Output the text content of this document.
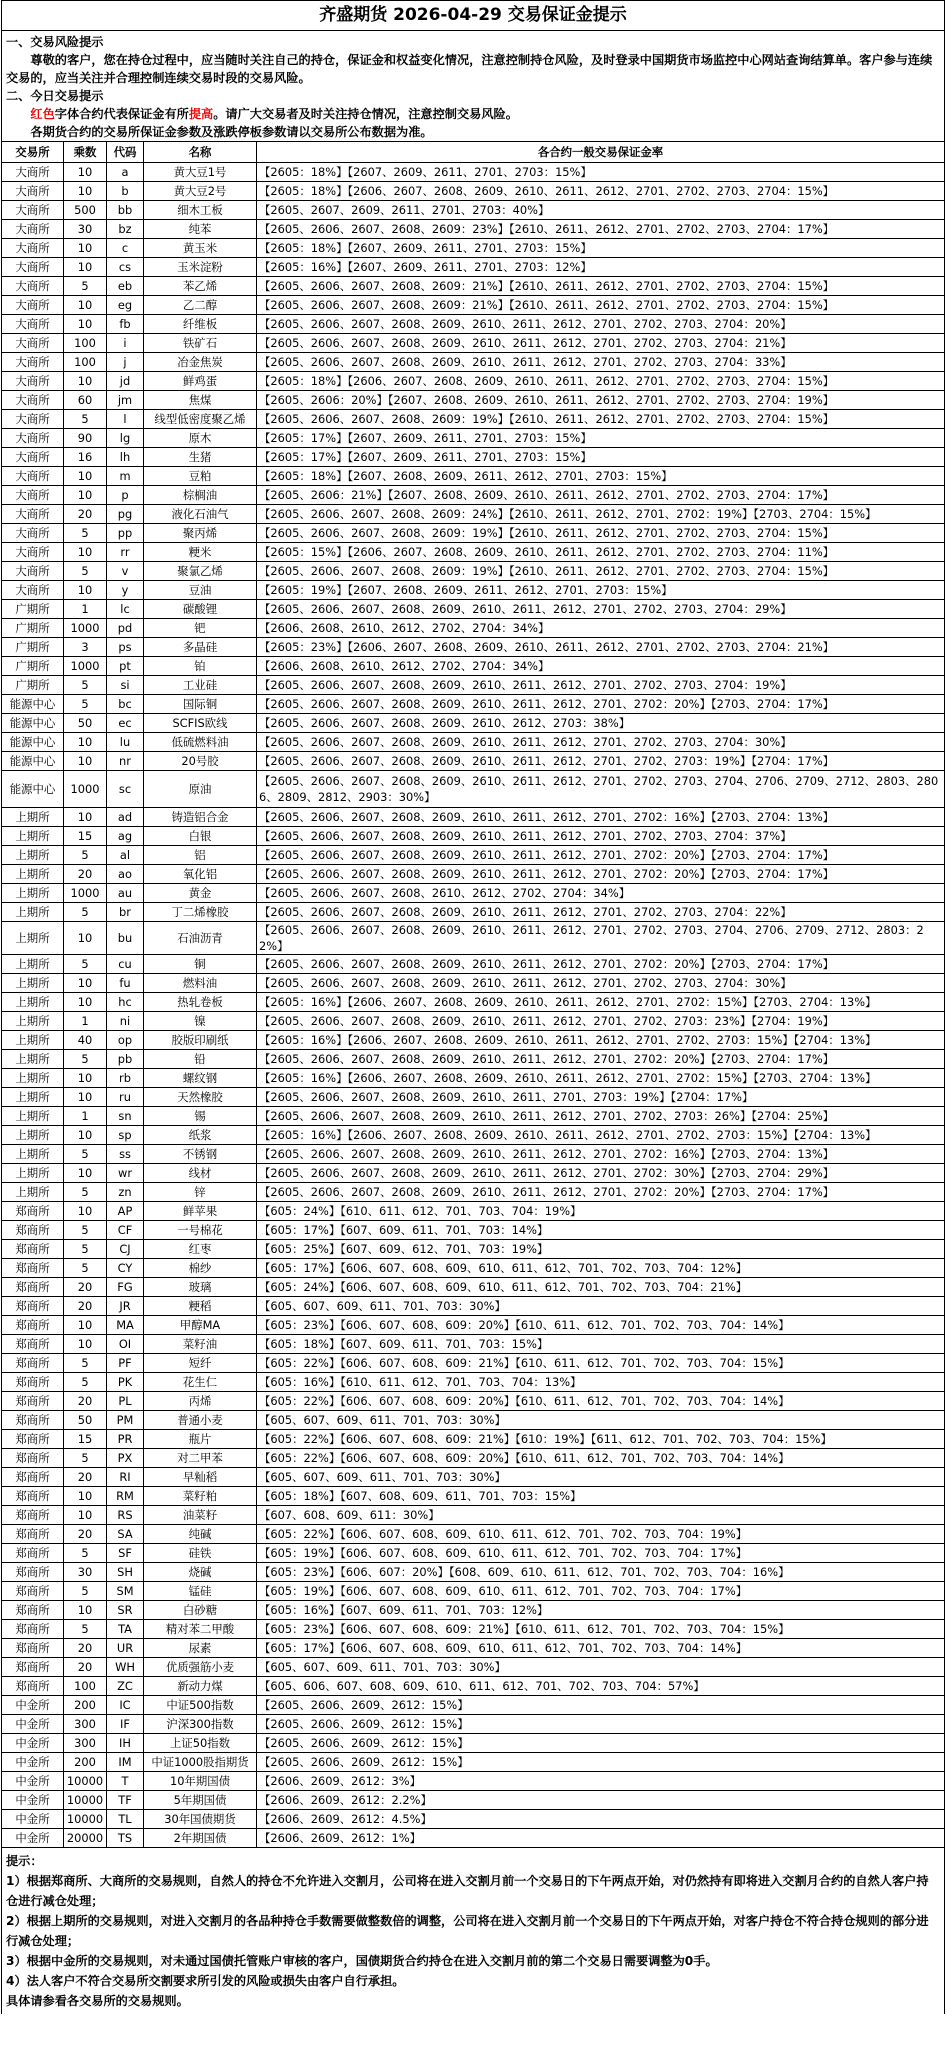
齐盛期货 2026-04-29 交易保证金提示
一、交易风险提示
尊敬的客户，您在持仓过程中，应当随时关注自己的持仓，保证金和权益变化情况，注意控制持仓风险，及时登录中国期货市场监控中心网站查询结算单。客户参与连续交易的，应当关注并合理控制连续交易时段的交易风险。
二、今日交易提示
红色字体合约代表保证金有所提高。请广大交易者及时关注持仓情况，注意控制交易风险。
各期货合约的交易所保证金参数及涨跌停板参数请以交易所公布数据为准。
交易所	乘数	代码	名称	各合约一般交易保证金率
大商所	10	a	黄大豆1号	【2605：18%】【2607、2609、2611、2701、2703：15%】
大商所	10	b	黄大豆2号	【2605：18%】【2606、2607、2608、2609、2610、2611、2612、2701、2702、2703、2704：15%】
大商所	500	bb	细木工板	【2605、2607、2609、2611、2701、2703：40%】
大商所	30	bz	纯苯	【2605、2606、2607、2608、2609：23%】【2610、2611、2612、2701、2702、2703、2704：17%】
大商所	10	c	黄玉米	【2605：18%】【2607、2609、2611、2701、2703：15%】
大商所	10	cs	玉米淀粉	【2605：16%】【2607、2609、2611、2701、2703：12%】
大商所	5	eb	苯乙烯	【2605、2606、2607、2608、2609：21%】【2610、2611、2612、2701、2702、2703、2704：15%】
大商所	10	eg	乙二醇	【2605、2606、2607、2608、2609：21%】【2610、2611、2612、2701、2702、2703、2704：15%】
大商所	10	fb	纤维板	【2605、2606、2607、2608、2609、2610、2611、2612、2701、2702、2703、2704：20%】
大商所	100	i	铁矿石	【2605、2606、2607、2608、2609、2610、2611、2612、2701、2702、2703、2704：21%】
大商所	100	j	冶金焦炭	【2605、2606、2607、2608、2609、2610、2611、2612、2701、2702、2703、2704：33%】
大商所	10	jd	鲜鸡蛋	【2605：18%】【2606、2607、2608、2609、2610、2611、2612、2701、2702、2703、2704：15%】
大商所	60	jm	焦煤	【2605、2606：20%】【2607、2608、2609、2610、2611、2612、2701、2702、2703、2704：19%】
大商所	5	l	线型低密度聚乙烯	【2605、2606、2607、2608、2609：19%】【2610、2611、2612、2701、2702、2703、2704：15%】
大商所	90	lg	原木	【2605：17%】【2607、2609、2611、2701、2703：15%】
大商所	16	lh	生猪	【2605：17%】【2607、2609、2611、2701、2703：15%】
大商所	10	m	豆粕	【2605：18%】【2607、2608、2609、2611、2612、2701、2703：15%】
大商所	10	p	棕榈油	【2605、2606：21%】【2607、2608、2609、2610、2611、2612、2701、2702、2703、2704：17%】
大商所	20	pg	液化石油气	【2605、2606、2607、2608、2609：24%】【2610、2611、2612、2701、2702：19%】【2703、2704：15%】
大商所	5	pp	聚丙烯	【2605、2606、2607、2608、2609：19%】【2610、2611、2612、2701、2702、2703、2704：15%】
大商所	10	rr	粳米	【2605：15%】【2606、2607、2608、2609、2610、2611、2612、2701、2702、2703、2704：11%】
大商所	5	v	聚氯乙烯	【2605、2606、2607、2608、2609：19%】【2610、2611、2612、2701、2702、2703、2704：15%】
大商所	10	y	豆油	【2605：19%】【2607、2608、2609、2611、2612、2701、2703：15%】
广期所	1	lc	碳酸锂	【2605、2606、2607、2608、2609、2610、2611、2612、2701、2702、2703、2704：29%】
广期所	1000	pd	钯	【2606、2608、2610、2612、2702、2704：34%】
广期所	3	ps	多晶硅	【2605：23%】【2606、2607、2608、2609、2610、2611、2612、2701、2702、2703、2704：21%】
广期所	1000	pt	铂	【2606、2608、2610、2612、2702、2704：34%】
广期所	5	si	工业硅	【2605、2606、2607、2608、2609、2610、2611、2612、2701、2702、2703、2704：19%】
能源中心	5	bc	国际铜	【2605、2606、2607、2608、2609、2610、2611、2612、2701、2702：20%】【2703、2704：17%】
能源中心	50	ec	SCFIS欧线	【2605、2606、2607、2608、2609、2610、2612、2703：38%】
能源中心	10	lu	低硫燃料油	【2605、2606、2607、2608、2609、2610、2611、2612、2701、2702、2703、2704：30%】
能源中心	10	nr	20号胶	【2605、2606、2607、2608、2609、2610、2611、2612、2701、2702、2703：19%】【2704：17%】
能源中心	1000	sc	原油	【2605、2606、2607、2608、2609、2610、2611、2612、2701、2702、2703、2704、2706、2709、2712、2803、2806、2809、2812、2903：30%】
上期所	10	ad	铸造铝合金	【2605、2606、2607、2608、2609、2610、2611、2612、2701、2702：16%】【2703、2704：13%】
上期所	15	ag	白银	【2605、2606、2607、2608、2609、2610、2611、2612、2701、2702、2703、2704：37%】
上期所	5	al	铝	【2605、2606、2607、2608、2609、2610、2611、2612、2701、2702：20%】【2703、2704：17%】
上期所	20	ao	氧化铝	【2605、2606、2607、2608、2609、2610、2611、2612、2701、2702：20%】【2703、2704：17%】
上期所	1000	au	黄金	【2605、2606、2607、2608、2610、2612、2702、2704：34%】
上期所	5	br	丁二烯橡胶	【2605、2606、2607、2608、2609、2610、2611、2612、2701、2702、2703、2704：22%】
上期所	10	bu	石油沥青	【2605、2606、2607、2608、2609、2610、2611、2612、2701、2702、2703、2704、2706、2709、2712、2803：22%】
上期所	5	cu	铜	【2605、2606、2607、2608、2609、2610、2611、2612、2701、2702：20%】【2703、2704：17%】
上期所	10	fu	燃料油	【2605、2606、2607、2608、2609、2610、2611、2612、2701、2702、2703、2704：30%】
上期所	10	hc	热轧卷板	【2605：16%】【2606、2607、2608、2609、2610、2611、2612、2701、2702：15%】【2703、2704：13%】
上期所	1	ni	镍	【2605、2606、2607、2608、2609、2610、2611、2612、2701、2702、2703：23%】【2704：19%】
上期所	40	op	胶版印刷纸	【2605：16%】【2606、2607、2608、2609、2610、2611、2612、2701、2702、2703：15%】【2704：13%】
上期所	5	pb	铅	【2605、2606、2607、2608、2609、2610、2611、2612、2701、2702：20%】【2703、2704：17%】
上期所	10	rb	螺纹钢	【2605：16%】【2606、2607、2608、2609、2610、2611、2612、2701、2702：15%】【2703、2704：13%】
上期所	10	ru	天然橡胶	【2605、2606、2607、2608、2609、2610、2611、2701、2703：19%】【2704：17%】
上期所	1	sn	锡	【2605、2606、2607、2608、2609、2610、2611、2612、2701、2702、2703：26%】【2704：25%】
上期所	10	sp	纸浆	【2605：16%】【2606、2607、2608、2609、2610、2611、2612、2701、2702、2703：15%】【2704：13%】
上期所	5	ss	不锈钢	【2605、2606、2607、2608、2609、2610、2611、2612、2701、2702：16%】【2703、2704：13%】
上期所	10	wr	线材	【2605、2606、2607、2608、2609、2610、2611、2612、2701、2702：30%】【2703、2704：29%】
上期所	5	zn	锌	【2605、2606、2607、2608、2609、2610、2611、2612、2701、2702：20%】【2703、2704：17%】
郑商所	10	AP	鲜苹果	【605：24%】【610、611、612、701、703、704：19%】
郑商所	5	CF	一号棉花	【605：17%】【607、609、611、701、703：14%】
郑商所	5	CJ	红枣	【605：25%】【607、609、612、701、703：19%】
郑商所	5	CY	棉纱	【605：17%】【606、607、608、609、610、611、612、701、702、703、704：12%】
郑商所	20	FG	玻璃	【605：24%】【606、607、608、609、610、611、612、701、702、703、704：21%】
郑商所	20	JR	粳稻	【605、607、609、611、701、703：30%】
郑商所	10	MA	甲醇MA	【605：23%】【606、607、608、609：20%】【610、611、612、701、702、703、704：14%】
郑商所	10	OI	菜籽油	【605：18%】【607、609、611、701、703：15%】
郑商所	5	PF	短纤	【605：22%】【606、607、608、609：21%】【610、611、612、701、702、703、704：15%】
郑商所	5	PK	花生仁	【605：16%】【610、611、612、701、703、704：13%】
郑商所	20	PL	丙烯	【605：22%】【606、607、608、609：20%】【610、611、612、701、702、703、704：14%】
郑商所	50	PM	普通小麦	【605、607、609、611、701、703：30%】
郑商所	15	PR	瓶片	【605：22%】【606、607、608、609：21%】【610：19%】【611、612、701、702、703、704：15%】
郑商所	5	PX	对二甲苯	【605：22%】【606、607、608、609：20%】【610、611、612、701、702、703、704：14%】
郑商所	20	RI	早籼稻	【605、607、609、611、701、703：30%】
郑商所	10	RM	菜籽粕	【605：18%】【607、608、609、611、701、703：15%】
郑商所	10	RS	油菜籽	【607、608、609、611：30%】
郑商所	20	SA	纯碱	【605：22%】【606、607、608、609、610、611、612、701、702、703、704：19%】
郑商所	5	SF	硅铁	【605：19%】【606、607、608、609、610、611、612、701、702、703、704：17%】
郑商所	30	SH	烧碱	【605：23%】【606、607：20%】【608、609、610、611、612、701、702、703、704：16%】
郑商所	5	SM	锰硅	【605：19%】【606、607、608、609、610、611、612、701、702、703、704：17%】
郑商所	10	SR	白砂糖	【605：16%】【607、609、611、701、703：12%】
郑商所	5	TA	精对苯二甲酸	【605：23%】【606、607、608、609：21%】【610、611、612、701、702、703、704：15%】
郑商所	20	UR	尿素	【605：17%】【606、607、608、609、610、611、612、701、702、703、704：14%】
郑商所	20	WH	优质强筋小麦	【605、607、609、611、701、703：30%】
郑商所	100	ZC	新动力煤	【605、606、607、608、609、610、611、612、701、702、703、704：57%】
中金所	200	IC	中证500指数	【2605、2606、2609、2612：15%】
中金所	300	IF	沪深300指数	【2605、2606、2609、2612：15%】
中金所	300	IH	上证50指数	【2605、2606、2609、2612：15%】
中金所	200	IM	中证1000股指期货	【2605、2606、2609、2612：15%】
中金所	10000	T	10年期国债	【2606、2609、2612：3%】
中金所	10000	TF	5年期国债	【2606、2609、2612：2.2%】
中金所	10000	TL	30年国债期货	【2606、2609、2612：4.5%】
中金所	20000	TS	2年期国债	【2606、2609、2612：1%】
提示：
1）根据郑商所、大商所的交易规则，自然人的持仓不允许进入交割月，公司将在进入交割月前一个交易日的下午两点开始，对仍然持有即将进入交割月合约的自然人客户持仓进行减仓处理；
2）根据上期所的交易规则，对进入交割月的各品种持仓手数需要做整数倍的调整，公司将在进入交割月前一个交易日的下午两点开始，对客户持仓不符合持仓规则的部分进行减仓处理；
3）根据中金所的交易规则，对未通过国债托管账户审核的客户，国债期货合约持仓在进入交割月前的第二个交易日需要调整为0手。
4）法人客户不符合交易所交割要求所引发的风险或损失由客户自行承担。
具体请参看各交易所的交易规则。
